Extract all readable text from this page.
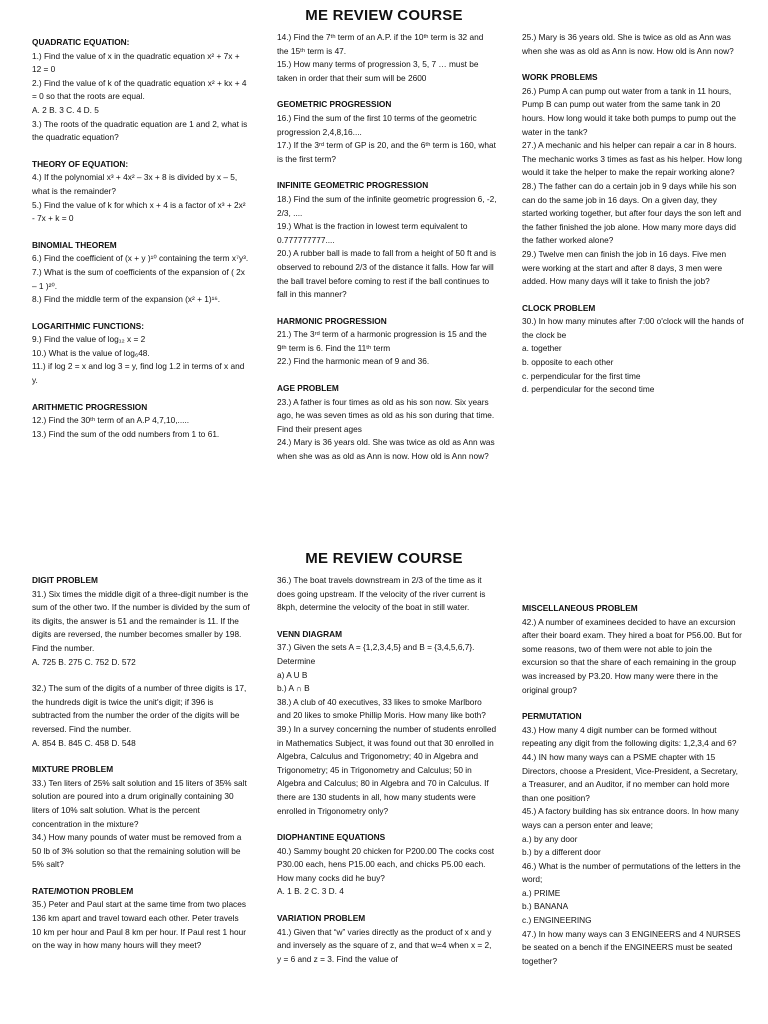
ME REVIEW COURSE

QUADRATIC EQUATION:

1.) Find the value of x in the quadratic equation x² + 7x + 12 = 0

2.) Find the value of k of the quadratic equation x² + kx + 4 = 0 so that the roots are equal.

A. 2 B. 3 C. 4 D. 5

3.) The roots of the quadratic equation are 1 and 2, what is the quadratic equation?

THEORY OF EQUATION:

4.) If the polynomial x³ + 4x² – 3x + 8 is divided by x – 5, what is the remainder?

5.) Find the value of k for which x + 4 is a factor of x³ + 2x² - 7x + k = 0

BINOMIAL THEOREM

6.) Find the coefficient of (x + y )¹⁰ containing the term x⁷y³.

7.) What is the sum of coefficients of the expansion of ( 2x – 1 )²⁰.

8.) Find the middle term of the expansion (x² + 1)¹⁶.

LOGARITHMIC FUNCTIONS:

9.) Find the value of log₁₂ x = 2

10.) What is the value of log₆48.

11.) if log 2 = x and log 3 = y, find log 1.2 in terms of x and y.

ARITHMETIC PROGRESSION

12.) Find the 30ᵗʰ term of an A.P 4,7,10,.....

13.) Find the sum of the odd numbers from 1 to 61.

14.) Find the 7ᵗʰ term of an A.P. if the 10ᵗʰ term is 32 and the 15ᵗʰ term is 47.

15.) How many terms of progression 3, 5, 7 … must be taken in order that their sum will be 2600

GEOMETRIC PROGRESSION

16.) Find the sum of the first 10 terms of the geometric progression 2,4,8,16....

17.) If the 3ʳᵈ term of GP is 20, and the 6ᵗʰ term is 160, what is the first term?

INFINITE GEOMETRIC PROGRESSION

18.) Find the sum of the infinite geometric progression 6, -2, 2/3, ....

19.) What is the fraction in lowest term equivalent to 0.777777777....

20.) A rubber ball is made to fall from a height of 50 ft and is observed to rebound 2/3 of the distance it falls. How far will the ball travel before coming to rest if the ball continues to fall in this manner?

HARMONIC PROGRESSION

21.) The 3ʳᵈ term of a harmonic progression is 15 and the 9ᵗʰ term is 6. Find the 11ᵗʰ term

22.) Find the harmonic mean of 9 and 36.

AGE PROBLEM

23.) A father is four times as old as his son now. Six years ago, he was seven times as old as his son during that time. Find their present ages

24.) Mary is 36 years old. She was twice as old as Ann was when she was as old as Ann is now. How old is Ann now?

25.) Mary is 36 years old. She is twice as old as Ann was when she was as old as Ann is now. How old is Ann now?

WORK PROBLEMS

26.) Pump A can pump out water from a tank in 11 hours, Pump B can pump out water from the same tank in 20 hours. How long would it take both pumps to pump out the water in the tank?

27.) A mechanic and his helper can repair a car in 8 hours. The mechanic works 3 times as fast as his helper. How long would it take the helper to make the repair working alone?

28.) The father can do a certain job in 9 days while his son can do the same job in 16 days. On a given day, they started working together, but after four days the son left and the father finished the job alone. How many more days did the father worked alone?

29.) Twelve men can finish the job in 16 days. Five men were working at the start and after 8 days, 3 men were added. How many days will it take to finish the job?

CLOCK PROBLEM

30.) In how many minutes after 7:00 o'clock will the hands of the clock be

a. together

b. opposite to each other

c. perpendicular for the first time

d. perpendicular for the second time

ME REVIEW COURSE

DIGIT PROBLEM

31.) Six times the middle digit of a three-digit number is the sum of the other two. If the number is divided by the sum of its digits, the answer is 51 and the remainder is 11. If the digits are reversed, the number becomes smaller by 198. Find the number.

A. 725 B. 275 C. 752 D. 572

32.) The sum of the digits of a number of three digits is 17, the hundreds digit is twice the unit's digit; if 396 is subtracted from the number the order of the digits will be reversed. Find the number.

A. 854 B. 845 C. 458 D. 548

MIXTURE PROBLEM

33.) Ten liters of 25% salt solution and 15 liters of 35% salt solution are poured into a drum originally containing 30 liters of 10% salt solution. What is the percent concentration in the mixture?

34.) How many pounds of water must be removed from a 50 lb of 3% solution so that the remaining solution will be 5% salt?

RATE/MOTION PROBLEM

35.) Peter and Paul start at the same time from two places 136 km apart and travel toward each other. Peter travels 10 km per hour and Paul 8 km per hour. If Paul rest 1 hour on the way in how many hours will they meet?

36.) The boat travels downstream in 2/3 of the time as it does going upstream. If the velocity of the river current is 8kph, determine the velocity of the boat in still water.

VENN DIAGRAM

37.) Given the sets A = {1,2,3,4,5} and B = {3,4,5,6,7}. Determine

a) A U B

b.) A ∩ B

38.) A club of 40 executives, 33 likes to smoke Marlboro and 20 likes to smoke Phillip Moris. How many like both?

39.) In a survey concerning the number of students enrolled in Mathematics Subject, it was found out that 30 enrolled in Algebra, Calculus and Trigonometry; 40 in Algebra and Trigonometry; 45 in Trigonometry and Calculus; 50 in Algebra and Calculus; 80 in Algebra and 70 in Calculus. If there are 130 students in all, how many students were enrolled in Trigonometry only?

DIOPHANTINE EQUATIONS

40.) Sammy bought 20 chicken for P200.00 The cocks cost P30.00 each, hens P15.00 each, and chicks P5.00 each. How many cocks did he buy?

A. 1 B. 2 C. 3 D. 4

VARIATION PROBLEM

41.) Given that “w” varies directly as the product of x and y and inversely as the square of z, and that w=4 when x = 2, y = 6 and z = 3. Find the value of

MISCELLANEOUS PROBLEM

42.) A number of examinees decided to have an excursion after their board exam. They hired a boat for P56.00. But for some reasons, two of them were not able to join the excursion so that the share of each remaining in the group was increased by P3.20. How many were there in the original group?

PERMUTATION

43.) How many 4 digit number can be formed without repeating any digit from the following digits: 1,2,3,4 and 6?

44.) IN how many ways can a PSME chapter with 15 Directors, choose a President, Vice-President, a Secretary, a Treasurer, and an Auditor, if no member can hold more than one position?

45.) A factory building has six entrance doors. In how many ways can a person enter and leave;

a.) by any door

b.) by a different door

46.) What is the number of permutations of the letters in the word;

a.) PRIME

b.) BANANA

c.) ENGINEERING

47.) In how many ways can 3 ENGINEERS and 4 NURSES be seated on a bench if the ENGINEERS must be seated together?
